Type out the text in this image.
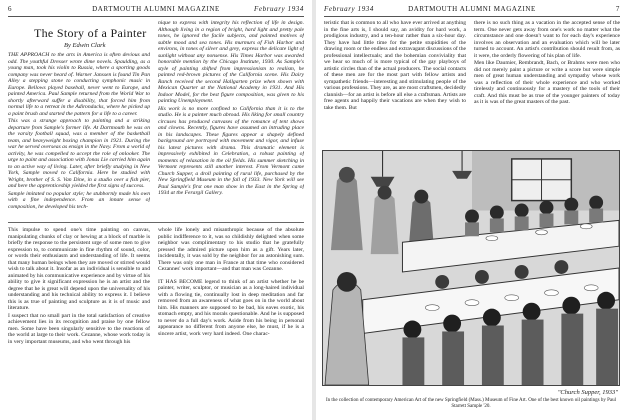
6	DARTMOUTH ALUMNI MAGAZINE	February 1934
The Story of a Painter
By Edwin Clark

THE APPROACH to the arts in America is often devious and odd. The youthful Dresser wrote dime novels. Spaulding, as a young man, took his violin to Russia, where a sporting goods company was never heard of. Warner Janssen is found Tin Pan Alley a stepping stone to conducting symphonic music in Europe. Bellows played baseball, never went to Europe, and painted America. Paul Sample returned from the World War to shortly afterward suffer a disability, that forced him from normal life to a retreat in the Adirondacks, where he picked up a paint brush and started the pattern for a life to a career.

This was a strange approach to painting and a striking departure from Sample's former life. At Dartmouth he was on the varsity football squad, was a member of the basketball team, and heavyweight boxing champion in 1921. During the war he served overseas as ensign in the Navy. From a world of activity, he was compelled to accept the role of onlooker. The urge to paint and association with Jonas Lie carried him again to an active way of living. Later, after briefly studying in New York, Sample moved to California. Here he studied with Wright, brother of S. S. Van Dine, in a studio over a fish pier, and here the apprenticeship yielded the first signs of success.

Sample imitated no popular style; he stubbornly made his own with a fine independence. From an innate sense of composition, he developed his tech-

nique to express with integrity his reflection of life in design. Although living in a region of bright, hard light and pretty pale tones, he ignored the facile subjects, and painted motives of subtle mood and sea tones. His murmurs of Fish Harbor and environs, in tones of silver and grey, express the delicate light of sunlight without any nonsense. His Times Harbor was awarded honorable mention by the Chicago Institute, 1930. As Sample's style of painting shifted from impressionism to realism, he painted red-brown pictures of the California scene. His Dairy Ranch received the second Hallgarten prize when shown with Mexican Quarter at the National Academy in 1931. And His Indoor Model, for the best figure composition, was given to his painting Unemployment.

His work is no more confined to California than it is to the studio. He is a painter much abroad. His liking for small country circuses has produced canvases of the romance of tent shows and clowns. Recently, figures have assumed an intruding place in his landscapes. These figures appear a shapely defined background are portrayed with movement and vigor, and infuse his latest pictures with drama. This dramatic element is impressively exhibited in Celebration, a robust painting of moments of relaxation in the oil fields. His summer sketching in Vermont represents still another interest. From Vermont came Church Supper, a droll painting of rural life, purchased by the New Springfield Museum in the fall of 1933. New York will see Paul Sample's first one man show in the East in the Spring of 1934 at the Ferargil Gallery.

This impulse to spend one's time painting on canvas, manipulating chunks of clay or hewing at a block of marble is briefly the response to the persistent urge of some men to give expression to, to communicate in fine rhythm of sound, color, or words their enthusiasm and understanding of life. It seems that many human beings when they are moved or stirred would wish to talk about it. Insofar as an individual is sensible to and animated by his communicative experience and by virtue of his ability to give it significant expression he is an artist and the degree that he is great will depend upon the universality of his understanding and his technical ability to express it. I believe this is as true of painting and sculpture as it is of music and literature.

I suspect that no small part in the total satisfaction of creative achievement lies in its recognition and praise by one fellow men. Some have been singularly sensitive to the reactions of the world at large to their work. Cezanne, whose work today is in very important museums, and who went through his

whole life lonely and misanthropic because of the absolute public indifference to it, was so childishly delighted when some neighbor was complimentary to his studio that he gratefully pressed the admired picture upon him as a gift. Years later, incidentally, it was sold by the neighbor for an astonishing sum. There was only one man in France at that time who considered Cezannes' work important—and that man was Cezanne.

IT HAS BECOME legend to think of an artist whether he be painter, writer, sculptor, or musician as a long-haired individual with a flowing tie, continually lost in deep meditation and far removed from an awareness of what goes on in the world about him. His manners are supposed to be bad, his eaves exotic, his stomach empty, and his morals questionable. And he is supposed to never do a full day's work. Aside from his being in personal appearance no different from anyone else, he must, if he is a sincere artist, work very hard indeed. One charac-

February 1934	DARTMOUTH ALUMNI MAGAZINE	7

teristic that is common to all who have ever arrived at anything in the fine arts is, I should say, an avidity for hard work, a prodigious industry, and a ten-hour rather than a six-hour day. They have had little time for the petite stupidities of the drawing room or the endless and extravagant discussions of the professional intellectuals; and the bohemian conviviality that we hear so much of is more typical of the gay playboys of artistic circles than of the actual producers. The social contacts of these men are for the most part with fellow artists and sympathetic friends—interesting and stimulating people of the various professions. They are, as are most craftsmen, decidedly clannish—for an artist is before all else a craftsman. Artists are free agents and happily their vacations are when they wish to take them. But

there is no such thing as a vacation in the accepted sense of the term. One never gets away from one's work no matter what the circumstance and one doesn't want to for each day's experience involves an observation and an evaluation which will be later turned to account. An artist's contribution should result from, as it were, the orderly flowering of his plan of life.

Men like Daumier, Rembrandt, Bach, or Brahms were men who did not merely paint a picture or write a score but were simple men of great human understanding and sympathy whose work was a reflection of their whole experience and who worked tirelessly and continuously for a mastery of the tools of their craft. And this must be as true of the younger painters of today as it is was of the great masters of the past.

"Church Supper, 1933"
In the collection of contemporary American Art of the new Springfield (Mass.) Museum of Fine Art. One of the best known oil paintings by Paul Starrett Sample '20.
